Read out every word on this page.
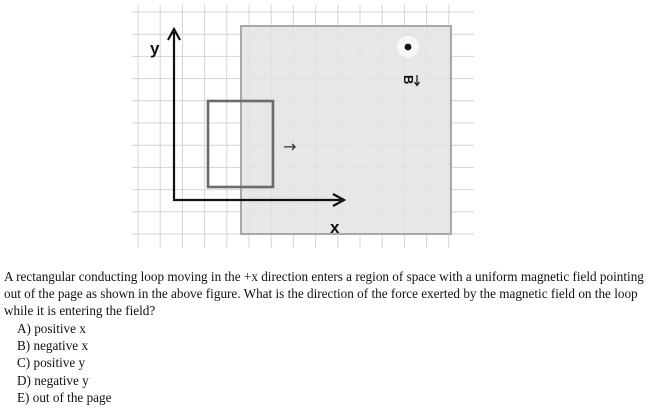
y
x
→
B
A rectangular conducting loop moving in the +x direction enters a region of space with a uniform magnetic field pointing out of the page as shown in the above figure. What is the direction of the force exerted by the magnetic field on the loop while it is entering the field?
A) positive x
B) negative x
C) positive y
D) negative y
E) out of the page
